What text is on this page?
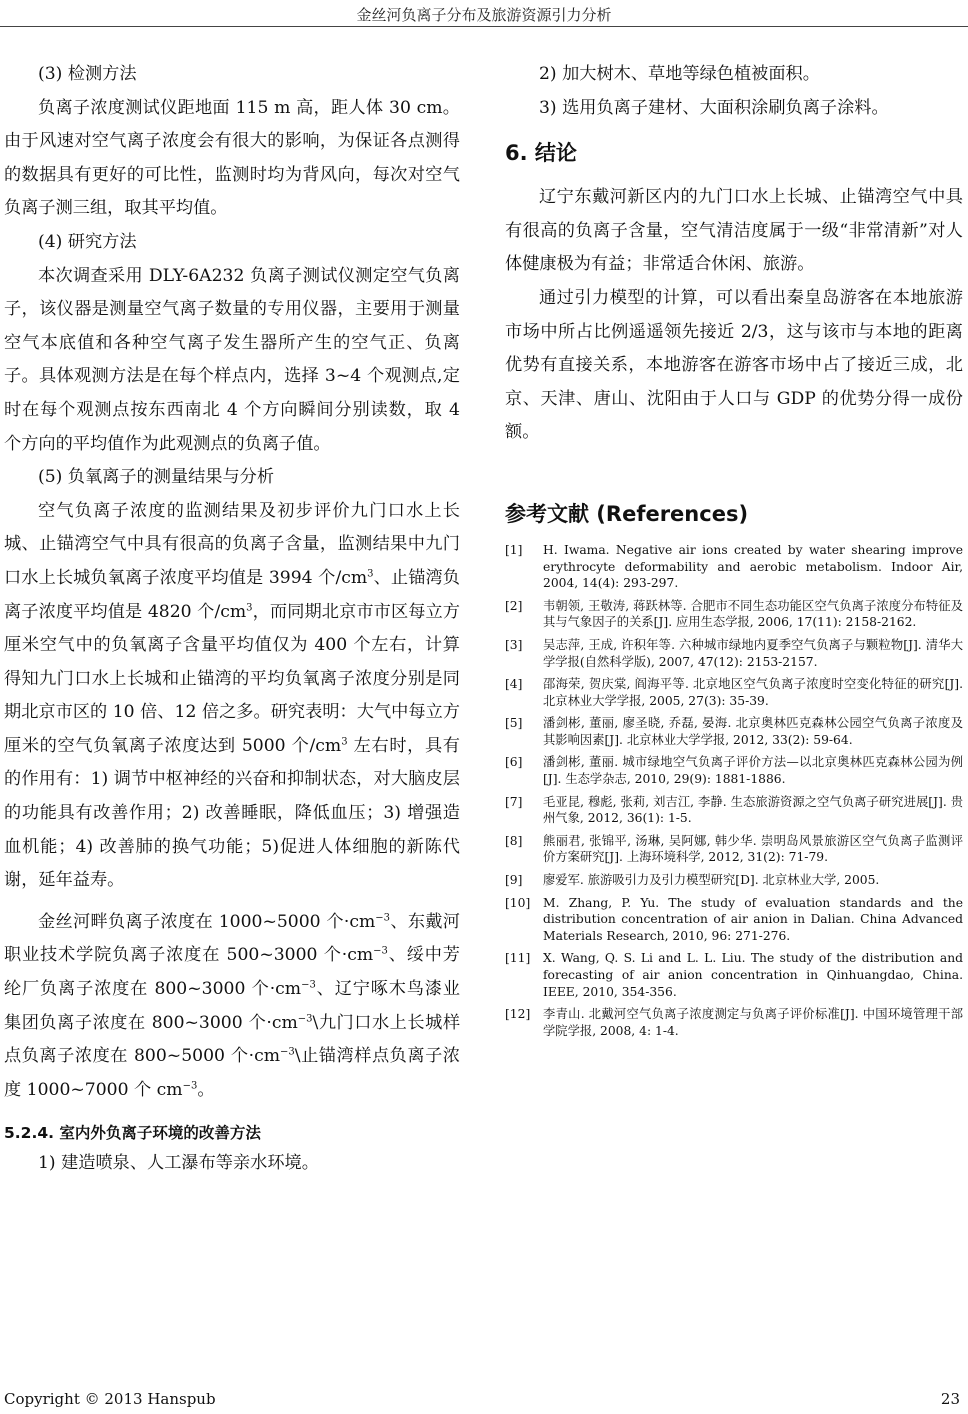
金丝河负离子分布及旅游资源引力分析

(3) 检测方法

负离子浓度测试仪距地面 115 m 高，距人体 30 cm。由于风速对空气离子浓度会有很大的影响，为保证各点测得的数据具有更好的可比性，监测时均为背风向，每次对空气负离子测三组，取其平均值。

(4) 研究方法

本次调查采用 DLY-6A232 负离子测试仪测定空气负离子，该仪器是测量空气离子数量的专用仪器，主要用于测量空气本底值和各种空气离子发生器所产生的空气正、负离子。具体观测方法是在每个样点内，选择 3~4 个观测点,定时在每个观测点按东西南北 4 个方向瞬间分别读数，取 4 个方向的平均值作为此观测点的负离子值。

(5) 负氧离子的测量结果与分析

空气负离子浓度的监测结果及初步评价九门口水上长城、止锚湾空气中具有很高的负离子含量，监测结果中九门口水上长城负氧离子浓度平均值是 3994 个$/cm^3$、止锚湾负离子浓度平均值是 4820 个$/cm^3$，而同期北京市市区每立方厘米空气中的负氧离子含量平均值仅为 400 个左右，计算得知九门口水上长城和止锚湾的平均负氧离子浓度分别是同期北京市区的 10 倍、12 倍之多。研究表明：大气中每立方厘米的空气负氧离子浓度达到 5000 个$/cm^3$ 左右时，具有的作用有：1) 调节中枢神经的兴奋和抑制状态，对大脑皮层的功能具有改善作用；2) 改善睡眠，降低血压；3) 增强造血机能；4) 改善肺的换气功能；5)促进人体细胞的新陈代谢，延年益寿。

金丝河畔负离子浓度在 1000~5000 个$\cdot cm^{-3}$、东戴河职业技术学院负离子浓度在 500~3000 个$\cdot cm^{-3}$、绥中芳纶厂负离子浓度在 800~3000 个$\cdot cm^{-3}$、辽宁啄木鸟漆业集团负离子浓度在 800~3000 个$\cdot cm^{-3}\backslash$九门口水上长城样点负离子浓度在 800~5000 个$\cdot cm^{-3}\backslash$止锚湾样点负离子浓度 1000~7000 个 $cm^{-3}$。

5.2.4. 室内外负离子环境的改善方法

1) 建造喷泉、人工瀑布等亲水环境。

2) 加大树木、草地等绿色植被面积。

3) 选用负离子建材、大面积涂刷负离子涂料。

6. 结论

辽宁东戴河新区内的九门口水上长城、止锚湾空气中具有很高的负离子含量，空气清洁度属于一级“非常清新”对人体健康极为有益；非常适合休闲、旅游。

通过引力模型的计算，可以看出秦皇岛游客在本地旅游市场中所占比例遥遥领先接近 2/3，这与该市与本地的距离优势有直接关系，本地游客在游客市场中占了接近三成，北京、天津、唐山、沈阳由于人口与 GDP 的优势分得一成份额。

参考文献 (References)

[1]	H. Iwama. Negative air ions created by water shearing improve erythrocyte deformability and aerobic metabolism. Indoor Air, 2004, 14(4): 293-297.
[2]	韦朝领, 王敬涛, 蒋跃林等. 合肥市不同生态功能区空气负离子浓度分布特征及其与气象因子的关系[J]. 应用生态学报, 2006, 17(11): 2158-2162.
[3]	吴志萍, 王成, 许积年等. 六种城市绿地内夏季空气负离子与颗粒物[J]. 清华大学学报(自然科学版), 2007, 47(12): 2153-2157.
[4]	邵海荣, 贺庆棠, 阎海平等. 北京地区空气负离子浓度时空变化特征的研究[J]. 北京林业大学学报, 2005, 27(3): 35-39.
[5]	潘剑彬, 董丽, 廖圣晓, 乔磊, 晏海. 北京奥林匹克森林公园空气负离子浓度及其影响因素[J]. 北京林业大学学报, 2012, 33(2): 59-64.
[6]	潘剑彬, 董丽. 城市绿地空气负离子评价方法—以北京奥林匹克森林公园为例[J]. 生态学杂志, 2010, 29(9): 1881-1886.
[7]	毛亚昆, 穆彪, 张莉, 刘吉江, 李静. 生态旅游资源之空气负离子研究进展[J]. 贵州气象, 2012, 36(1): 1-5.
[8]	熊丽君, 张锦平, 汤琳, 吴阿娜, 韩少华. 崇明岛风景旅游区空气负离子监测评价方案研究[J]. 上海环境科学, 2012, 31(2): 71-79.
[9]	廖爱军. 旅游吸引力及引力模型研究[D]. 北京林业大学, 2005.
[10]	M. Zhang, P. Yu. The study of evaluation standards and the distribution concentration of air anion in Dalian. China Advanced Materials Research, 2010, 96: 271-276.
[11]	X. Wang, Q. S. Li and L. L. Liu. The study of the distribution and forecasting of air anion concentration in Qinhuangdao, China. IEEE, 2010, 354-356.
[12]	李青山. 北戴河空气负离子浓度测定与负离子评价标准[J]. 中国环境管理干部学院学报, 2008, 4: 1-4.
Copyright © 2013 Hanspub	23
